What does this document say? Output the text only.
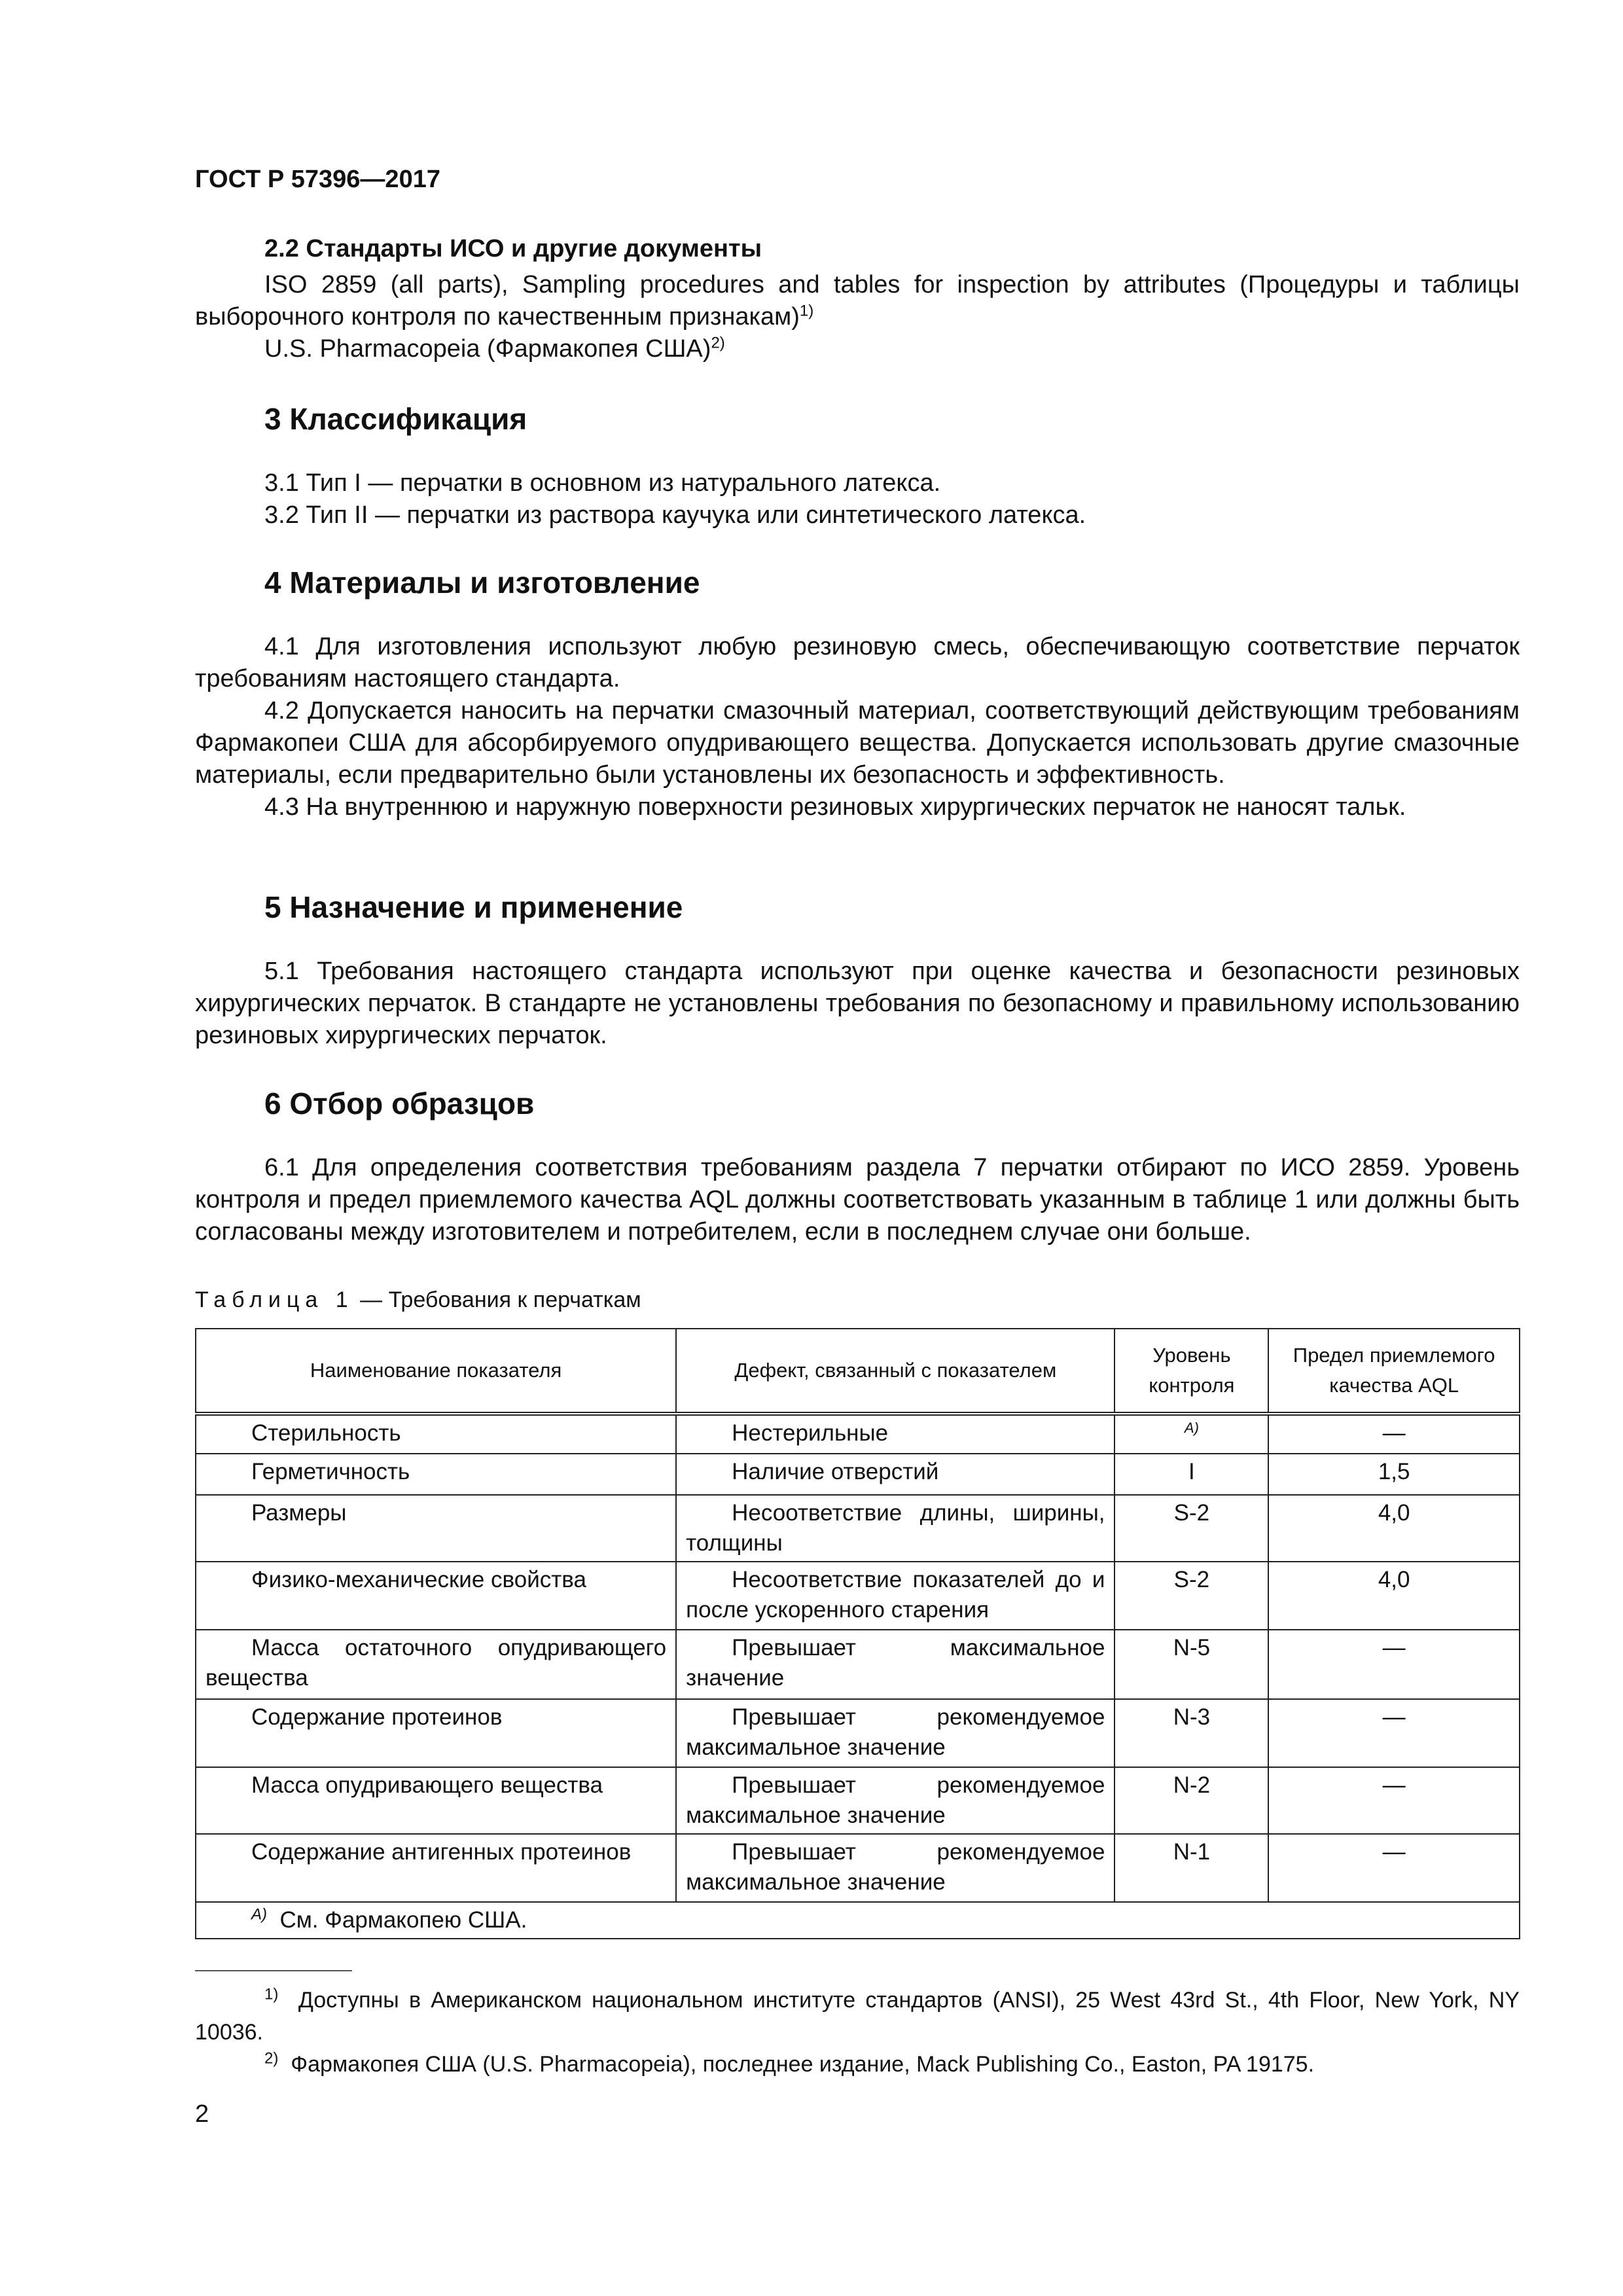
ГОСТ Р 57396—2017
2.2 Стандарты ИСО и другие документы

ISO 2859 (all parts), Sampling procedures and tables for inspection by attributes (Процедуры и таблицы выборочного контроля по качественным признакам)$^{1)}$

U.S. Pharmacopeia (Фармакопея США)$^{2)}$

3 Классификация

3.1 Тип I — перчатки в основном из натурального латекса.

3.2 Тип II — перчатки из раствора каучука или синтетического латекса.

4 Материалы и изготовление

4.1 Для изготовления используют любую резиновую смесь, обеспечивающую соответствие перчаток требованиям настоящего стандарта.

4.2 Допускается наносить на перчатки смазочный материал, соответствующий действующим требованиям Фармакопеи США для абсорбируемого опудривающего вещества. Допускается использовать другие смазочные материалы, если предварительно были установлены их безопасность и эффективность.

4.3 На внутреннюю и наружную поверхности резиновых хирургических перчаток не наносят тальк.

5 Назначение и применение

5.1 Требования настоящего стандарта используют при оценке качества и безопасности резиновых хирургических перчаток. В стандарте не установлены требования по безопасному и правильному использованию резиновых хирургических перчаток.

6 Отбор образцов

6.1 Для определения соответствия требованиям раздела 7 перчатки отбирают по ИСО 2859. Уровень контроля и предел приемлемого качества AQL должны соответствовать указанным в таблице 1 или должны быть согласованы между изготовителем и потребителем, если в последнем случае они больше.

Таблица 1 — Требования к перчаткам
Наименование показателя	Дефект, связанный с показателем	Уровень контроля	Предел приемлемого качества AQL
Стерильность	Нестерильные	A)	—
Герметичность	Наличие отверстий	I	1,5
Размеры	Несоответствие длины, ширины, толщины	S-2	4,0
Физико-механические свойства	Несоответствие показателей до и после ускоренного старения	S-2	4,0
Масса остаточного опудривающего вещества	Превышает максимальное значение	N-5	—
Содержание протеинов	Превышает рекомендуемое максимальное значение	N-3	—
Масса опудривающего вещества	Превышает рекомендуемое максимальное значение	N-2	—
Содержание антигенных протеинов	Превышает рекомендуемое максимальное значение	N-1	—
$^{A)}$ См. Фармакопею США.			

$^{1)}$ Доступны в Американском национальном институте стандартов (ANSI), 25 West 43rd St., 4th Floor, New York, NY 10036.

$^{2)}$ Фармакопея США (U.S. Pharmacopeia), последнее издание, Mack Publishing Co., Easton, PA 19175.

2
